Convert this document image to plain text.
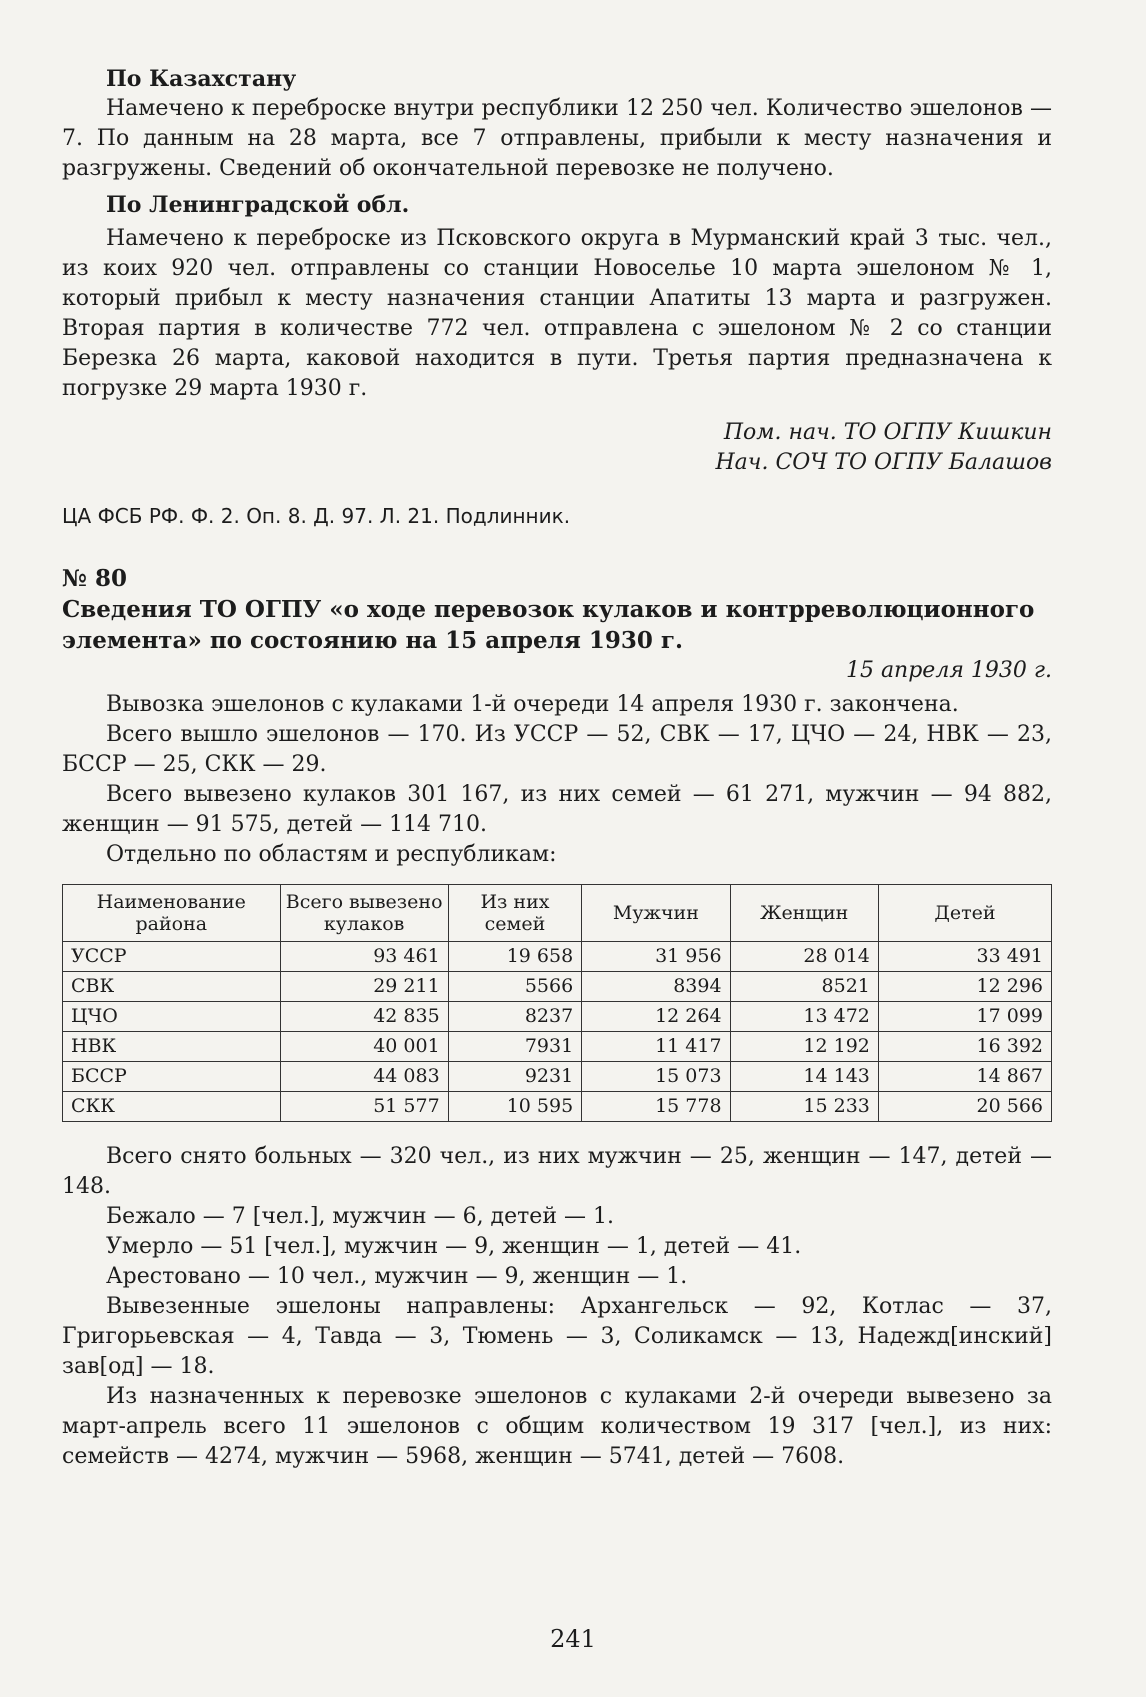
По Казахстану

Намечено к переброске внутри республики 12 250 чел. Количество эшелонов — 7. По данным на 28 марта, все 7 отправлены, прибыли к месту назначения и разгружены. Сведений об окончательной перевозке не получено.

По Ленинградской обл.

Намечено к переброске из Псковского округа в Мурманский край 3 тыс. чел., из коих 920 чел. отправлены со станции Новоселье 10 марта эшелоном № 1, который прибыл к месту назначения станции Апатиты 13 марта и разгружен. Вторая партия в количестве 772 чел. отправлена с эшелоном № 2 со станции Березка 26 марта, каковой находится в пути. Третья партия предназначена к погрузке 29 марта 1930 г.

Пом. нач. ТО ОГПУ Кишкин
Нач. СОЧ ТО ОГПУ Балашов
ЦА ФСБ РФ. Ф. 2. Оп. 8. Д. 97. Л. 21. Подлинник.
№ 80
Сведения ТО ОГПУ «о ходе перевозок кулаков и контрреволюционного элемента» по состоянию на 15 апреля 1930 г.
15 апреля 1930 г.

Вывозка эшелонов с кулаками 1-й очереди 14 апреля 1930 г. закончена.

Всего вышло эшелонов — 170. Из УССР — 52, СВК — 17, ЦЧО — 24, НВК — 23, БССР — 25, СКК — 29.

Всего вывезено кулаков 301 167, из них семей — 61 271, мужчин — 94 882, женщин — 91 575, детей — 114 710.

Отдельно по областям и республикам:

Наименование района	Всего вывезено кулаков	Из них семей	Мужчин	Женщин	Детей
УССР	93 461	19 658	31 956	28 014	33 491
СВК	29 211	5566	8394	8521	12 296
ЦЧО	42 835	8237	12 264	13 472	17 099
НВК	40 001	7931	11 417	12 192	16 392
БССР	44 083	9231	15 073	14 143	14 867
СКК	51 577	10 595	15 778	15 233	20 566

Всего снято больных — 320 чел., из них мужчин — 25, женщин — 147, детей — 148.

Бежало — 7 [чел.], мужчин — 6, детей — 1.

Умерло — 51 [чел.], мужчин — 9, женщин — 1, детей — 41.

Арестовано — 10 чел., мужчин — 9, женщин — 1.

Вывезенные эшелоны направлены: Архангельск — 92, Котлас — 37, Григорьевская — 4, Тавда — 3, Тюмень — 3, Соликамск — 13, Надежд[инский] зав[од] — 18.

Из назначенных к перевозке эшелонов с кулаками 2-й очереди вывезено за март-апрель всего 11 эшелонов с общим количеством 19 317 [чел.], из них: семейств — 4274, мужчин — 5968, женщин — 5741, детей — 7608.

241
